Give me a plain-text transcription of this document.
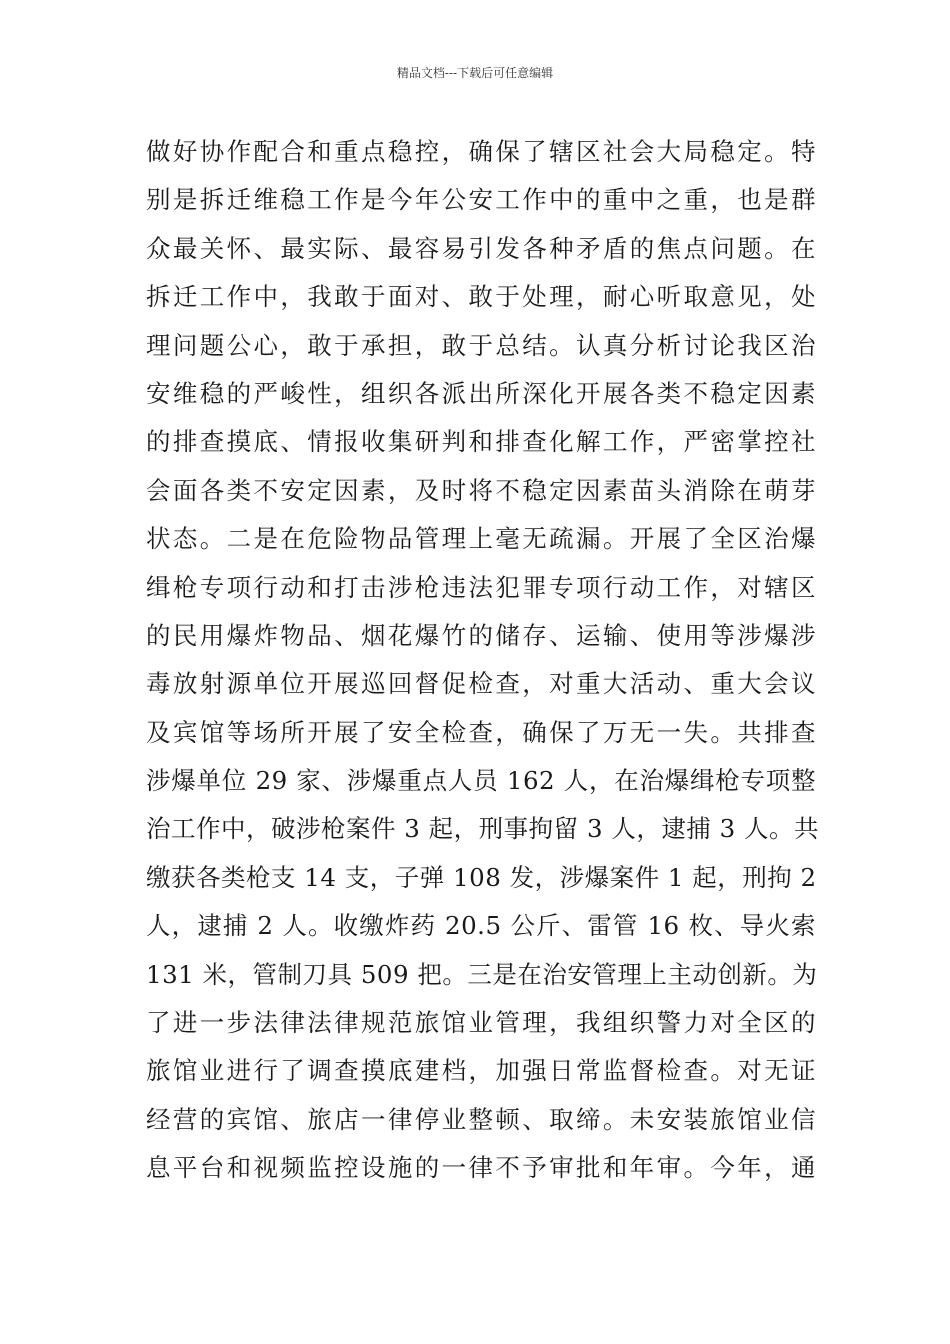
精品文档---下载后可任意编辑
做好协作配合和重点稳控，确保了辖区社会大局稳定。特
别是拆迁维稳工作是今年公安工作中的重中之重，也是群
众最关怀、最实际、最容易引发各种矛盾的焦点问题。在
拆迁工作中，我敢于面对、敢于处理，耐心听取意见，处
理问题公心，敢于承担，敢于总结。认真分析讨论我区治
安维稳的严峻性，组织各派出所深化开展各类不稳定因素
的排查摸底、情报收集研判和排查化解工作，严密掌控社
会面各类不安定因素，及时将不稳定因素苗头消除在萌芽
状态。二是在危险物品管理上毫无疏漏。开展了全区治爆
缉枪专项行动和打击涉枪违法犯罪专项行动工作，对辖区
的民用爆炸物品、烟花爆竹的储存、运输、使用等涉爆涉
毒放射源单位开展巡回督促检查，对重大活动、重大会议
及宾馆等场所开展了安全检查，确保了万无一失。共排查
涉爆单位 29 家、涉爆重点人员 162 人，在治爆缉枪专项整
治工作中，破涉枪案件 3 起，刑事拘留 3 人，逮捕 3 人。共
缴获各类枪支 14 支，子弹 108 发，涉爆案件 1 起，刑拘 2
人，逮捕 2 人。收缴炸药 20.5 公斤、雷管 16 枚、导火索
131 米，管制刀具 509 把。三是在治安管理上主动创新。为
了进一步法律法律规范旅馆业管理，我组织警力对全区的
旅馆业进行了调查摸底建档，加强日常监督检查。对无证
经营的宾馆、旅店一律停业整顿、取缔。未安装旅馆业信
息平台和视频监控设施的一律不予审批和年审。今年，通
